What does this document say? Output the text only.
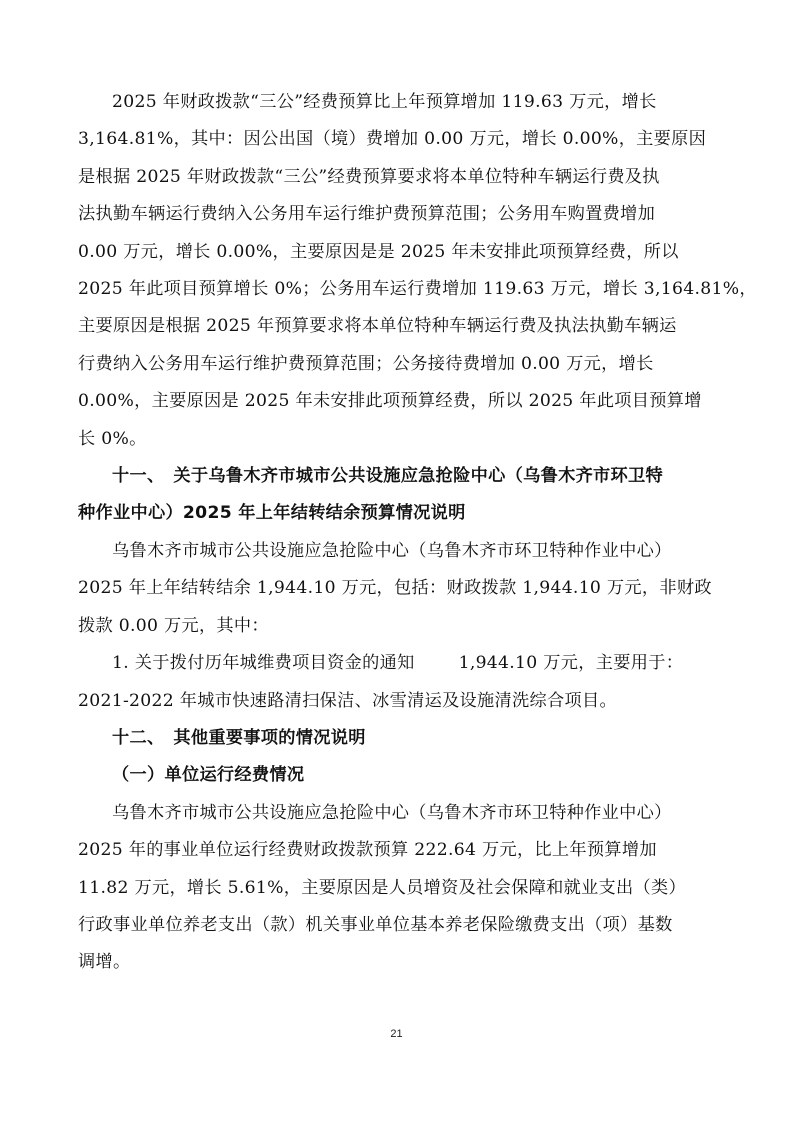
2025 年财政拨款“三公”经费预算比上年预算增加 119.63 万元，增长
3,164.81%，其中：因公出国（境）费增加 0.00 万元，增长 0.00%，主要原因
是根据 2025 年财政拨款“三公”经费预算要求将本单位特种车辆运行费及执
法执勤车辆运行费纳入公务用车运行维护费预算范围；公务用车购置费增加
0.00 万元，增长 0.00%，主要原因是是 2025 年未安排此项预算经费，所以
2025 年此项目预算增长 0%；公务用车运行费增加 119.63 万元，增长 3,164.81%，
主要原因是根据 2025 年预算要求将本单位特种车辆运行费及执法执勤车辆运
行费纳入公务用车运行维护费预算范围；公务接待费增加 0.00 万元，增长
0.00%，主要原因是 2025 年未安排此项预算经费，所以 2025 年此项目预算增
长 0%。

十一、　关于乌鲁木齐市城市公共设施应急抢险中心（乌鲁木齐市环卫特
种作业中心）2025 年上年结转结余预算情况说明

乌鲁木齐市城市公共设施应急抢险中心（乌鲁木齐市环卫特种作业中心）
2025 年上年结转结余 1,944.10 万元，包括：财政拨款 1,944.10 万元，非财政
拨款 0.00 万元，其中：

1. 关于拨付历年城维费项目资金的通知	1,944.10 万元，主要用于：
2021-2022 年城市快速路清扫保洁、冰雪清运及设施清洗综合项目。

十二、　其他重要事项的情况说明
（一）单位运行经费情况

乌鲁木齐市城市公共设施应急抢险中心（乌鲁木齐市环卫特种作业中心）
2025 年的事业单位运行经费财政拨款预算 222.64 万元，比上年预算增加
11.82 万元，增长 5.61%，主要原因是人员增资及社会保障和就业支出（类）
行政事业单位养老支出（款）机关事业单位基本养老保险缴费支出（项）基数
调增。

21
